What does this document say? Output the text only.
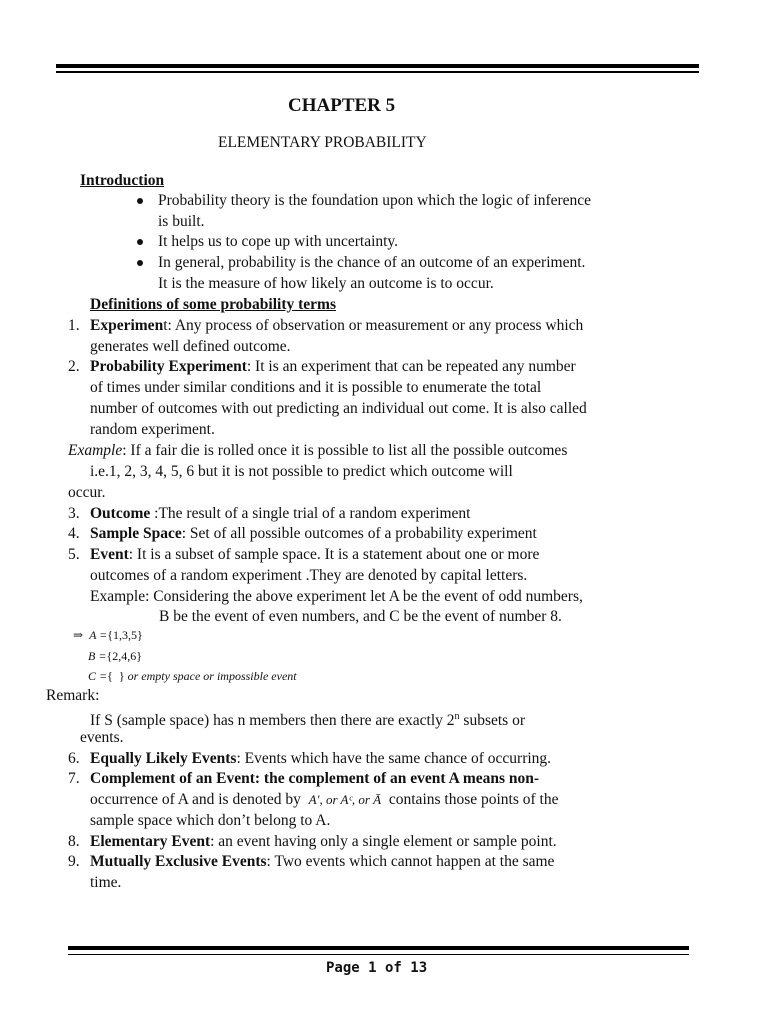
CHAPTER 5
ELEMENTARY PROBABILITY
Introduction
Probability theory is the foundation upon which the logic of inference
is built.
It helps us to cope up with uncertainty.
In general, probability is the chance of an outcome of an experiment.
It is the measure of how likely an outcome is to occur.
Definitions of some probability terms
1. Experiment: Any process of observation or measurement or any process which
generates well defined outcome.
2. Probability Experiment: It is an experiment that can be repeated any number
of times under similar conditions and it is possible to enumerate the total
number of outcomes with out predicting an individual out come. It is also called
random experiment.
Example: If a fair die is rolled once it is possible to list all the possible outcomes
i.e.1, 2, 3, 4, 5, 6 but it is not possible to predict which outcome will
occur.
3. Outcome :The result of a single trial of a random experiment
4. Sample Space: Set of all possible outcomes of a probability experiment
5. Event: It is a subset of sample space. It is a statement about one or more
outcomes of a random experiment .They are denoted by capital letters.
Example: Considering the above experiment let A be the event of odd numbers,
B be the event of even numbers, and C be the event of number 8.
⇒ A ={1,3,5}
B ={2,4,6}
C ={  } or empty space or impossible event
Remark:
If S (sample space) has n members then there are exactly 2$^n$ subsets or
events.
6. Equally Likely Events: Events which have the same chance of occurring.
7. Complement of an Event: the complement of an event A means non-
occurrence of A and is denoted by A′, or Aᶜ, or Ā contains those points of the
sample space which don’t belong to A.
8. Elementary Event: an event having only a single element or sample point.
9. Mutually Exclusive Events: Two events which cannot happen at the same
time.
Page 1 of 13
